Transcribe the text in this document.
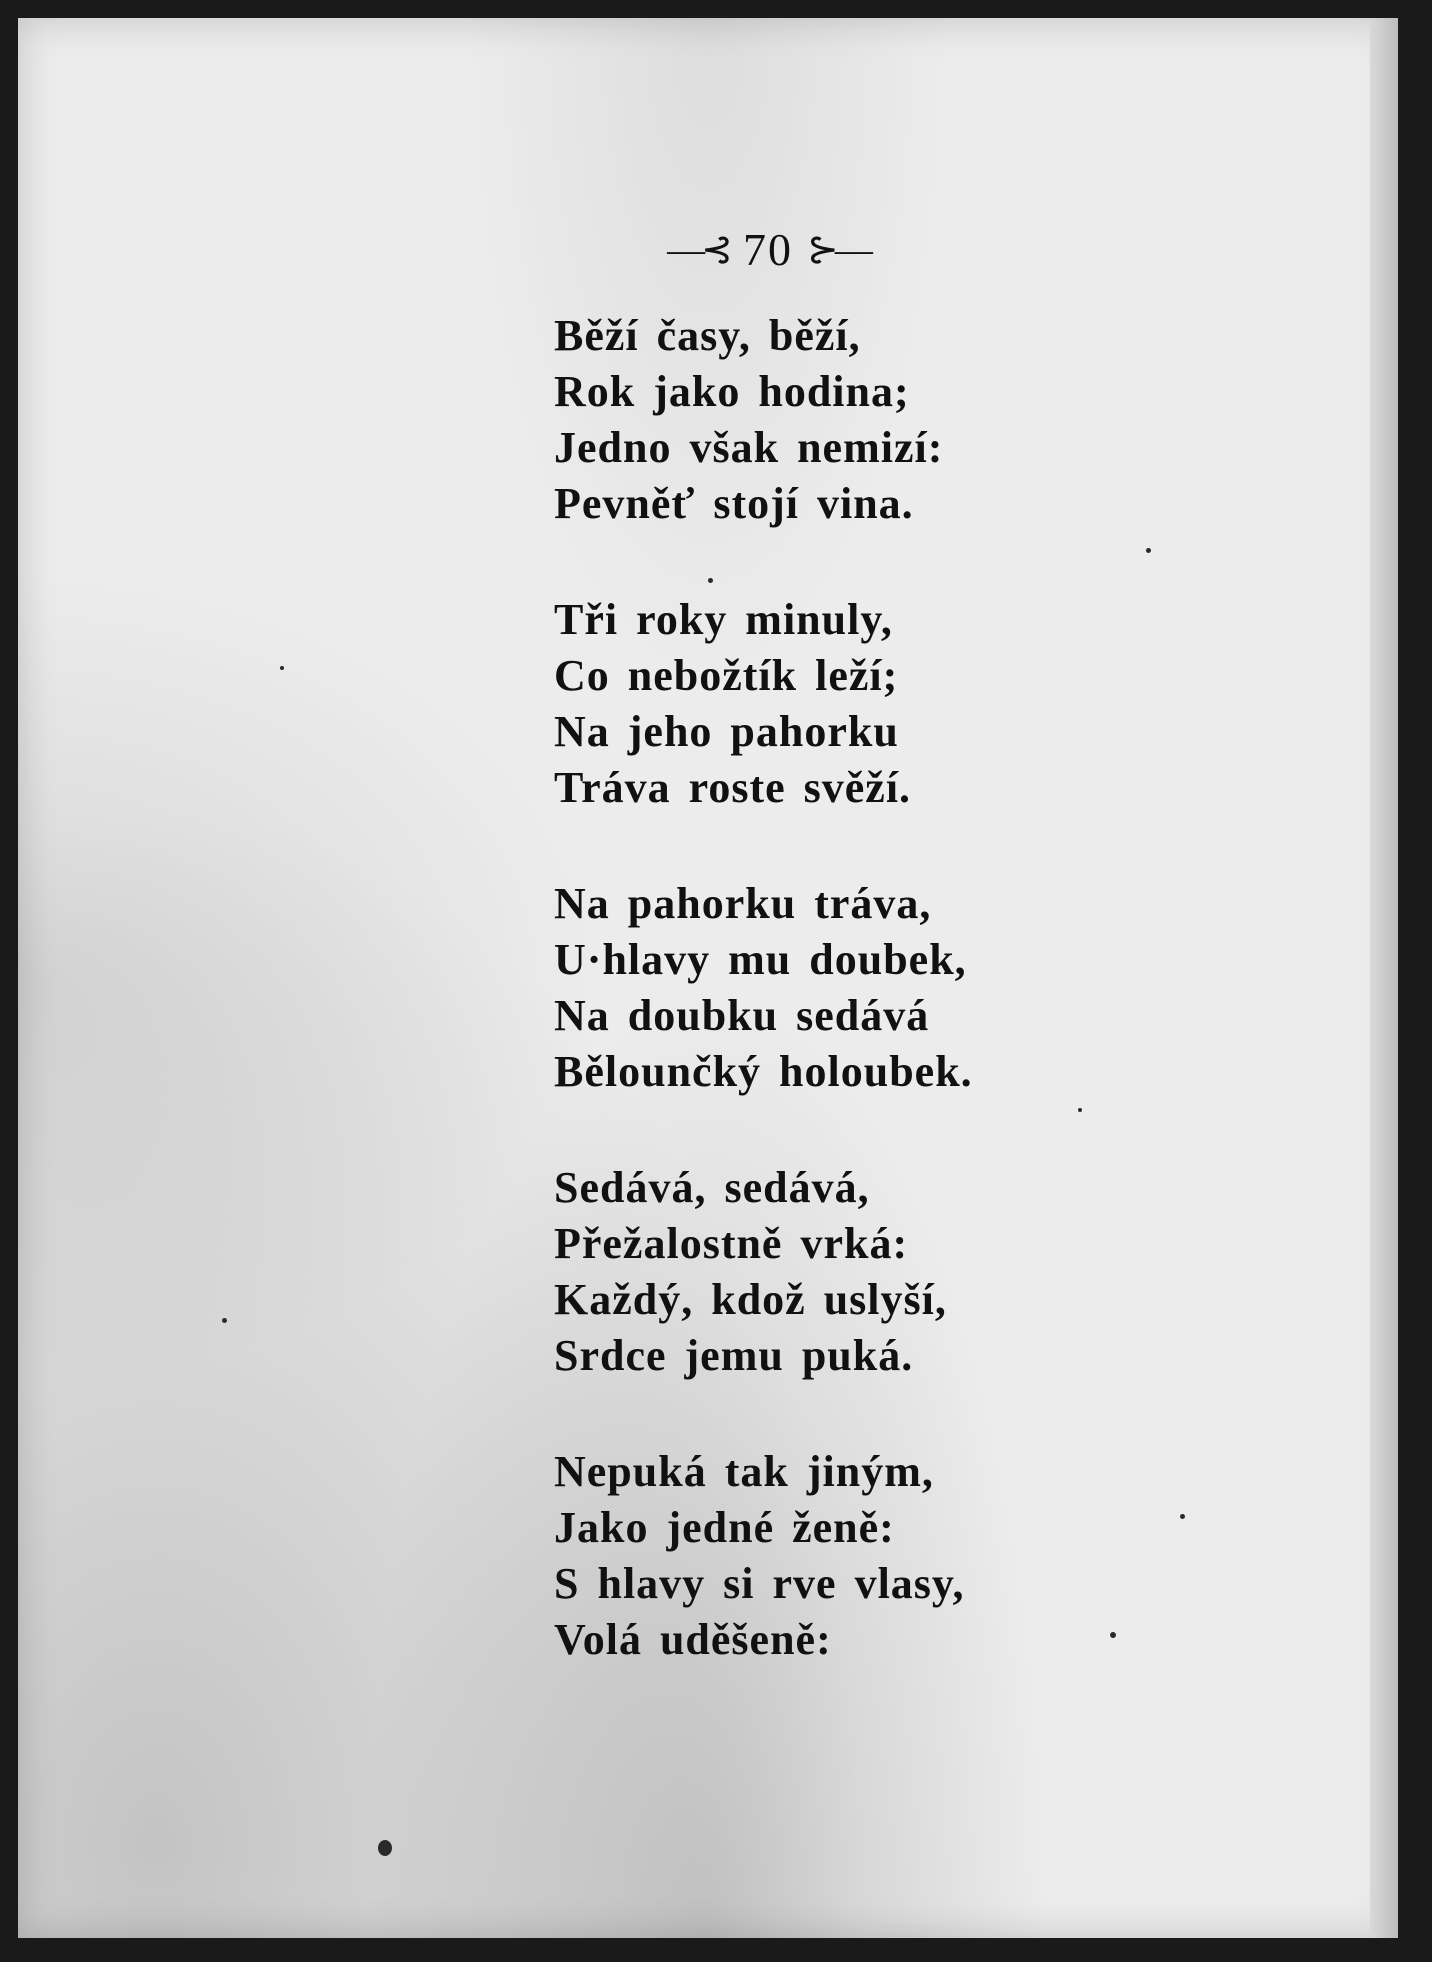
—⊰ 70 ⊱—
Běží časy, běží,
Rok jako hodina;
Jedno však nemizí:
Pevněť stojí vina.
Tři roky minuly,
Co nebožtík leží;
Na jeho pahorku
Tráva roste svěží.
Na pahorku tráva,
U·hlavy mu doubek,
Na doubku sedává
Bělounčký holoubek.
Sedává, sedává,
Přežalostně vrká:
Každý, kdož uslyší,
Srdce jemu puká.
Nepuká tak jiným,
Jako jedné ženě:
S hlavy si rve vlasy,
Volá uděšeně:
